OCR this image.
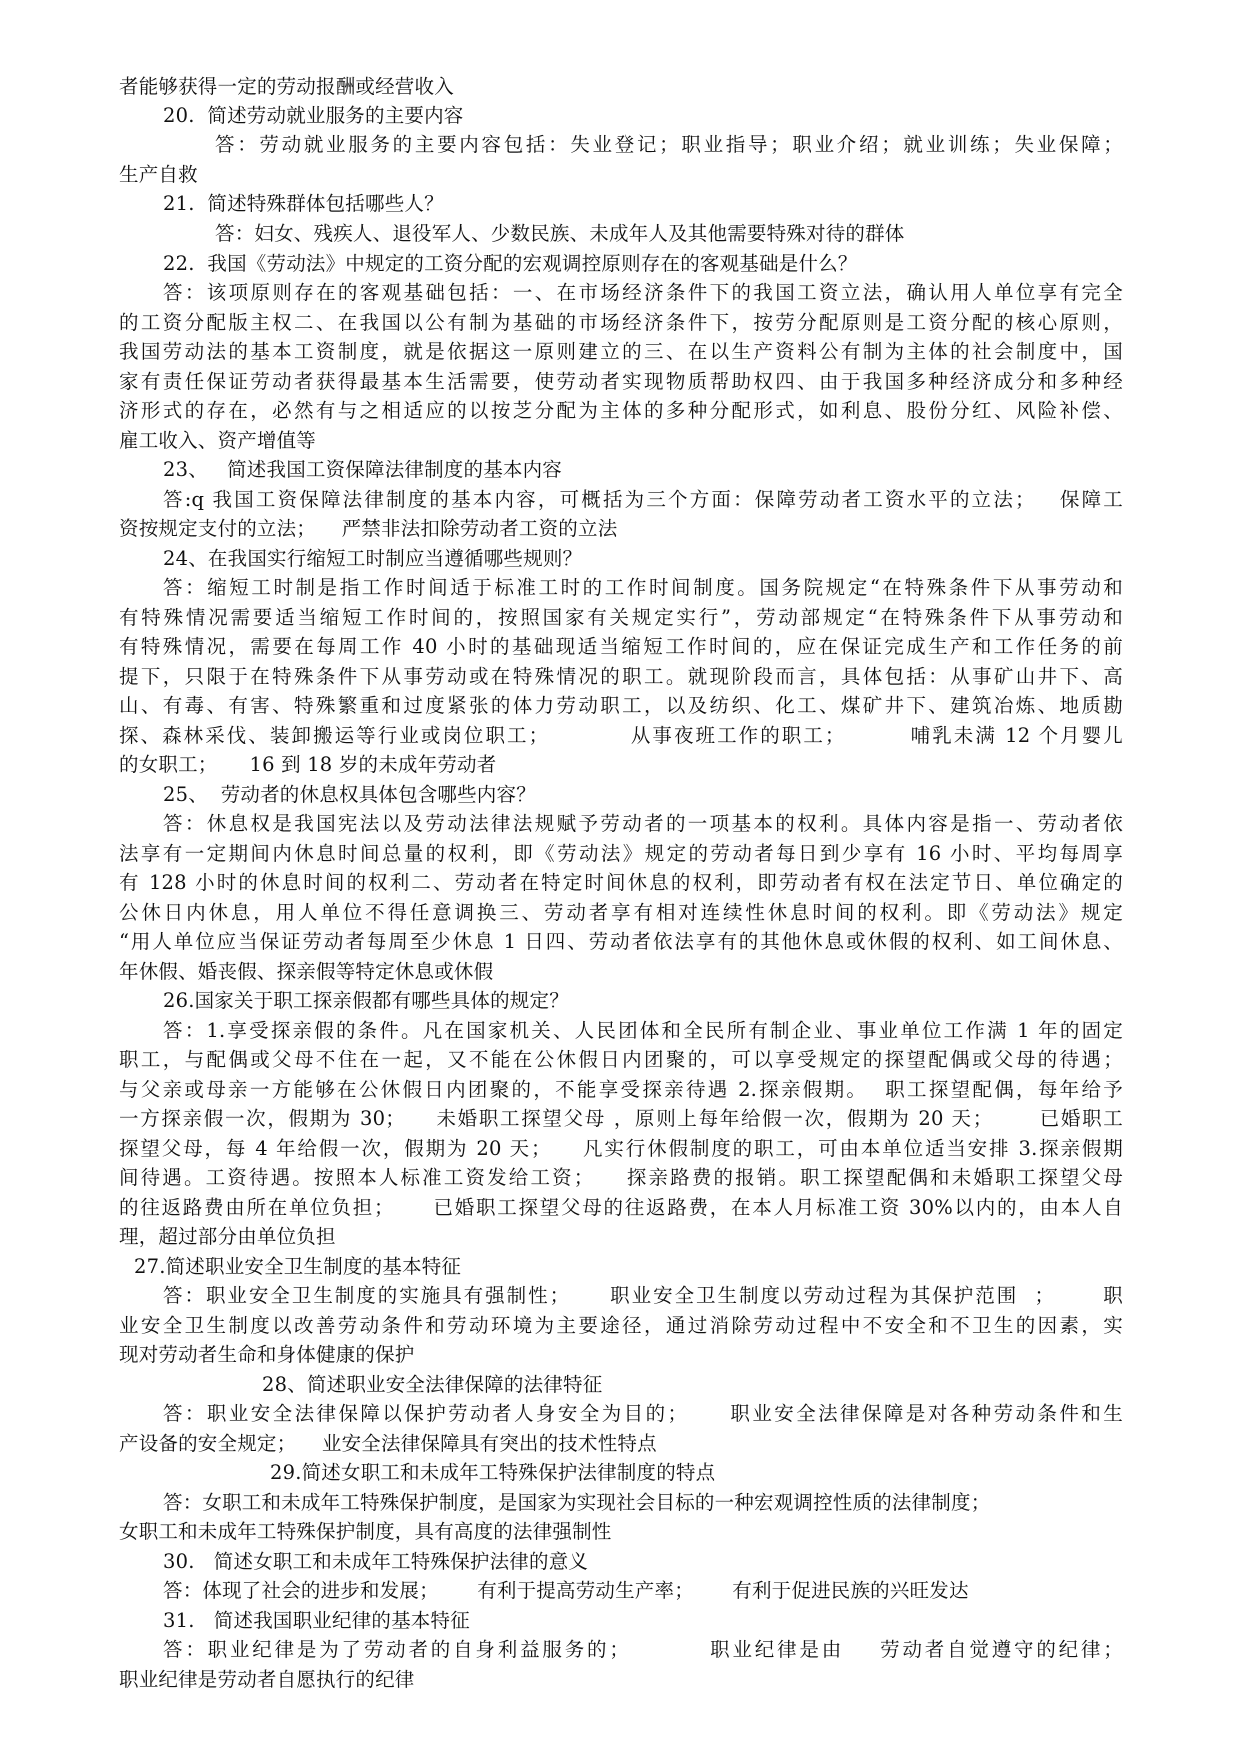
者能够获得一定的劳动报酬或经营收入
20.  简述劳动就业服务的主要内容
答：劳动就业服务的主要内容包括：失业登记；职业指导；职业介绍；就业训练；失业保障；
生产自救
21.  简述特殊群体包括哪些人？
答：妇女、残疾人、退役军人、少数民族、未成年人及其他需要特殊对待的群体
22.  我国《劳动法》中规定的工资分配的宏观调控原则存在的客观基础是什么？
答：该项原则存在的客观基础包括：一、在市场经济条件下的我国工资立法，确认用人单位享有完全
的工资分配版主权二、在我国以公有制为基础的市场经济条件下，按劳分配原则是工资分配的核心原则，
我国劳动法的基本工资制度，就是依据这一原则建立的三、在以生产资料公有制为主体的社会制度中，国
家有责任保证劳动者获得最基本生活需要，使劳动者实现物质帮助权四、由于我国多种经济成分和多种经
济形式的存在，必然有与之相适应的以按芝分配为主体的多种分配形式，如利息、股份分红、风险补偿、
雇工收入、资产增值等
23、   简述我国工资保障法律制度的基本内容
答:q 我国工资保障法律制度的基本内容，可概括为三个方面：保障劳动者工资水平的立法；   保障工
资按规定支付的立法；    严禁非法扣除劳动者工资的立法
24、在我国实行缩短工时制应当遵循哪些规则？
答：缩短工时制是指工作时间适于标准工时的工作时间制度。国务院规定“在特殊条件下从事劳动和
有特殊情况需要适当缩短工作时间的，按照国家有关规定实行”，劳动部规定“在特殊条件下从事劳动和
有特殊情况，需要在每周工作 40 小时的基础现适当缩短工作时间的，应在保证完成生产和工作任务的前
提下，只限于在特殊条件下从事劳动或在特殊情况的职工。就现阶段而言，具体包括：从事矿山井下、高
山、有毒、有害、特殊繁重和过度紧张的体力劳动职工，以及纺织、化工、煤矿井下、建筑冶炼、地质勘
探、森林采伐、装卸搬运等行业或岗位职工；          从事夜班工作的职工；        哺乳未满 12 个月婴儿
的女职工；     16 到 18 岁的未成年劳动者
25、  劳动者的休息权具体包含哪些内容？
答：休息权是我国宪法以及劳动法律法规赋予劳动者的一项基本的权利。具体内容是指一、劳动者依
法享有一定期间内休息时间总量的权利，即《劳动法》规定的劳动者每日到少享有 16 小时、平均每周享
有 128 小时的休息时间的权利二、劳动者在特定时间休息的权利，即劳动者有权在法定节日、单位确定的
公休日内休息，用人单位不得任意调换三、劳动者享有相对连续性休息时间的权利。即《劳动法》规定
“用人单位应当保证劳动者每周至少休息 1 日四、劳动者依法享有的其他休息或休假的权利、如工间休息、
年休假、婚丧假、探亲假等特定休息或休假
26.国家关于职工探亲假都有哪些具体的规定？
答：1.享受探亲假的条件。凡在国家机关、人民团体和全民所有制企业、事业单位工作满 1 年的固定
职工，与配偶或父母不住在一起，又不能在公休假日内团聚的，可以享受规定的探望配偶或父母的待遇；
与父亲或母亲一方能够在公休假日内团聚的，不能享受探亲待遇 2.探亲假期。  职工探望配偶，每年给予
一方探亲假一次，假期为 30；    未婚职工探望父母 ，原则上每年给假一次，假期为 20 天；      已婚职工
探望父母，每 4 年给假一次，假期为 20 天；    凡实行休假制度的职工，可由本单位适当安排 3.探亲假期
间待遇。工资待遇。按照本人标准工资发给工资；    探亲路费的报销。职工探望配偶和未婚职工探望父母
的往返路费由所在单位负担；     已婚职工探望父母的往返路费，在本人月标准工资 30%以内的，由本人自
理，超过部分由单位负担
27.简述职业安全卫生制度的基本特征
答：职业安全卫生制度的实施具有强制性；     职业安全卫生制度以劳动过程为其保护范围  ；      职
业安全卫生制度以改善劳动条件和劳动环境为主要途径，通过消除劳动过程中不安全和不卫生的因素，实
现对劳动者生命和身体健康的保护
28、简述职业安全法律保障的法律特征
答：职业安全法律保障以保护劳动者人身安全为目的；     职业安全法律保障是对各种劳动条件和生
产设备的安全规定；    业安全法律保障具有突出的技术性特点
29.简述女职工和未成年工特殊保护法律制度的特点
答：女职工和未成年工特殊保护制度，是国家为实现社会目标的一种宏观调控性质的法律制度；
女职工和未成年工特殊保护制度，具有高度的法律强制性
30.   简述女职工和未成年工特殊保护法律的意义
答：体现了社会的进步和发展；      有利于提高劳动生产率；      有利于促进民族的兴旺发达
31.   简述我国职业纪律的基本特征
答：职业纪律是为了劳动者的自身利益服务的；         职业纪律是由    劳动者自觉遵守的纪律；
职业纪律是劳动者自愿执行的纪律
